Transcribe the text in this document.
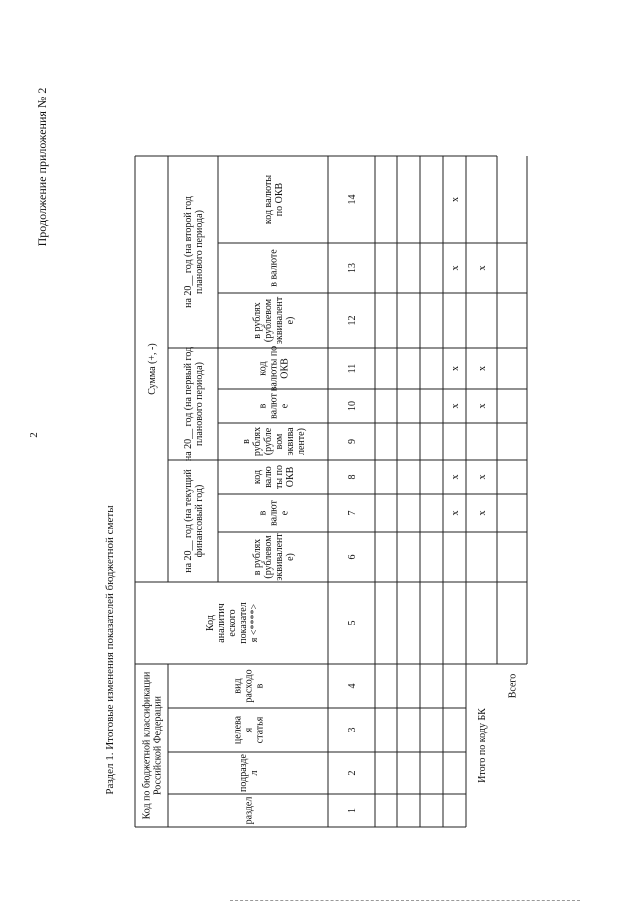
2
Продолжение приложения № 2
Раздел 1. Итоговые изменения показателей бюджетной сметы	Код по бюджетной классификацииРоссийской Федерации
раздел
подраздел
целеваястатья
видрасходов
Коданалитическогопоказателя <****>
Сумма (+, -)
на 20__ год (на текущийфинансовый год)
на 20__ год (на первый годпланового периода)
на 20__ год (на второй годпланового периода)
в рублях(рублевомэквиваленте)
ввалюте
кодвалюты поОКВ
врублях(рублевомэквиваленте)
ввалюте
кодвалюты поОКВ
в рублях(рублевомэквиваленте)
в валюте
код валютыпо ОКВ
1
2
3
4
5
6
7
8
9
10
11
12
13
14
х
х
х
х
х
х
х
х
х
х
х
Итого по коду БК
Всего
